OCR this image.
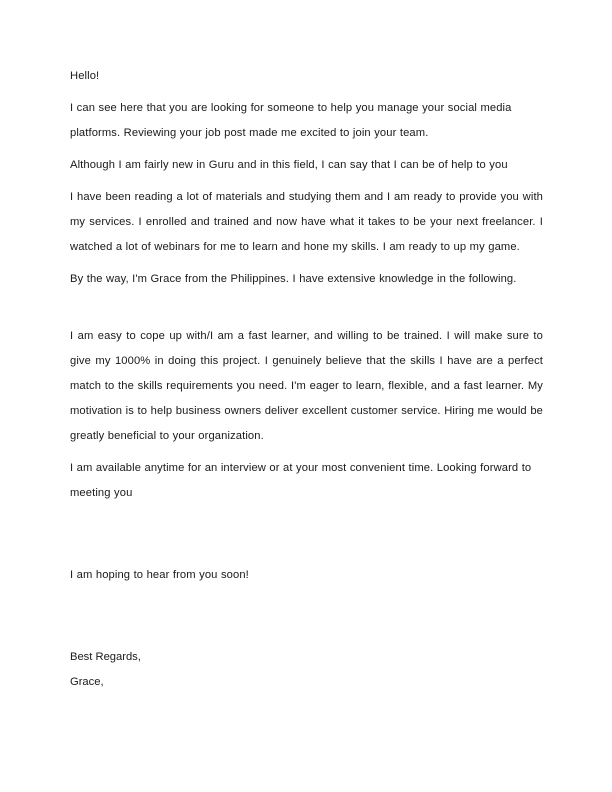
Hello!

I can see here that you are looking for someone to help you manage your social media platforms. Reviewing your job post made me excited to join your team.

Although I am fairly new in Guru and in this field, I can say that I can be of help to you

I have been reading a lot of materials and studying them and I am ready to provide you with my services. I enrolled and trained and now have what it takes to be your next freelancer. I watched a lot of webinars for me to learn and hone my skills. I am ready to up my game.

By the way, I'm Grace from the Philippines. I have extensive knowledge in the following.

I am easy to cope up with/I am a fast learner, and willing to be trained. I will make sure to give my 1000% in doing this project. I genuinely believe that the skills I have are a perfect match to the skills requirements you need. I'm eager to learn, flexible, and a fast learner. My motivation is to help business owners deliver excellent customer service. Hiring me would be greatly beneficial to your organization.

I am available anytime for an interview or at your most convenient time. Looking forward to meeting you

I am hoping to hear from you soon!

Best Regards,

Grace,
